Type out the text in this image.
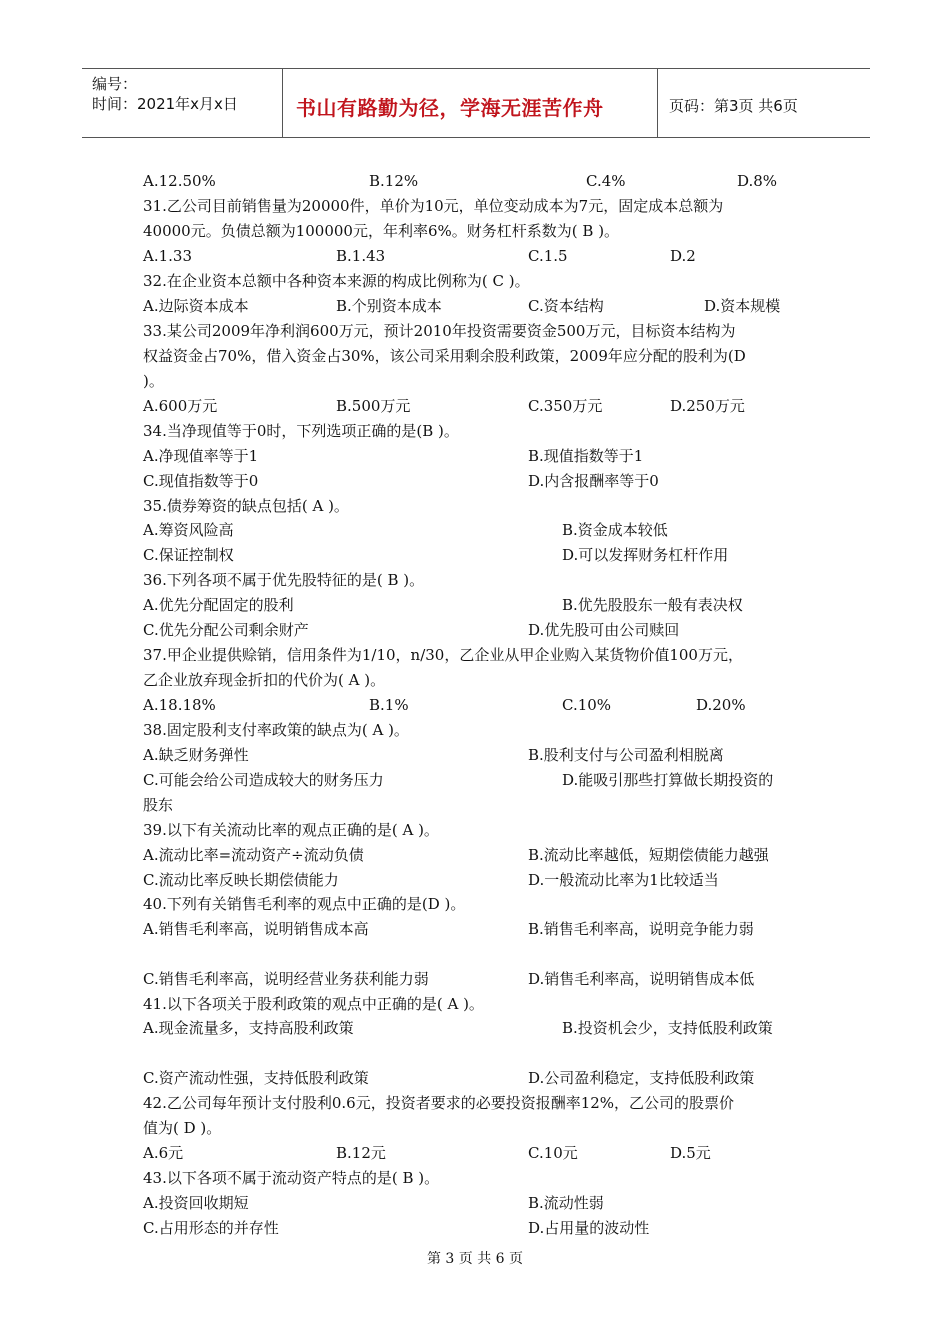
编号：
时间：2021年x月x日	书山有路勤为径，学海无涯苦作舟	页码：第3页 共6页
A.12.50%	B.12%	C.4%	D.8%
31.乙公司目前销售量为20000件，单价为10元，单位变动成本为7元，固定成本总额为
40000元。负债总额为100000元，年利率6%。财务杠杆系数为( B )。
A.1.33	B.1.43	C.1.5	D.2
32.在企业资本总额中各种资本来源的构成比例称为( C )。
A.边际资本成本	B.个别资本成本	C.资本结构	D.资本规模
33.某公司2009年净利润600万元，预计2010年投资需要资金500万元，目标资本结构为
权益资金占70%，借入资金占30%，该公司采用剩余股利政策，2009年应分配的股利为(D
)。
A.600万元	B.500万元	C.350万元	D.250万元
34.当净现值等于0时，下列选项正确的是(B )。
A.净现值率等于1	B.现值指数等于1
C.现值指数等于0	D.内含报酬率等于0
35.债券筹资的缺点包括( A )。
A.筹资风险高	B.资金成本较低
C.保证控制权	D.可以发挥财务杠杆作用
36.下列各项不属于优先股特征的是( B )。
A.优先分配固定的股利	B.优先股股东一般有表决权
C.优先分配公司剩余财产	D.优先股可由公司赎回
37.甲企业提供赊销，信用条件为1/10，n/30，乙企业从甲企业购入某货物价值100万元，
乙企业放弃现金折扣的代价为( A )。
A.18.18%	B.1%	C.10%	D.20%
38.固定股利支付率政策的缺点为( A )。
A.缺乏财务弹性	B.股利支付与公司盈利相脱离
C.可能会给公司造成较大的财务压力	D.能吸引那些打算做长期投资的
股东
39.以下有关流动比率的观点正确的是( A )。
A.流动比率=流动资产÷流动负债	B.流动比率越低，短期偿债能力越强
C.流动比率反映长期偿债能力	D.一般流动比率为1比较适当
40.下列有关销售毛利率的观点中正确的是(D )。
A.销售毛利率高，说明销售成本高	B.销售毛利率高，说明竞争能力弱
C.销售毛利率高，说明经营业务获利能力弱	D.销售毛利率高，说明销售成本低
41.以下各项关于股利政策的观点中正确的是( A )。
A.现金流量多，支持高股利政策	B.投资机会少，支持低股利政策
C.资产流动性强，支持低股利政策	D.公司盈利稳定，支持低股利政策
42.乙公司每年预计支付股利0.6元，投资者要求的必要投资报酬率12%，乙公司的股票价
值为( D )。
A.6元	B.12元	C.10元	D.5元
43.以下各项不属于流动资产特点的是( B )。
A.投资回收期短	B.流动性弱
C.占用形态的并存性	D.占用量的波动性
第 3 页 共 6 页
